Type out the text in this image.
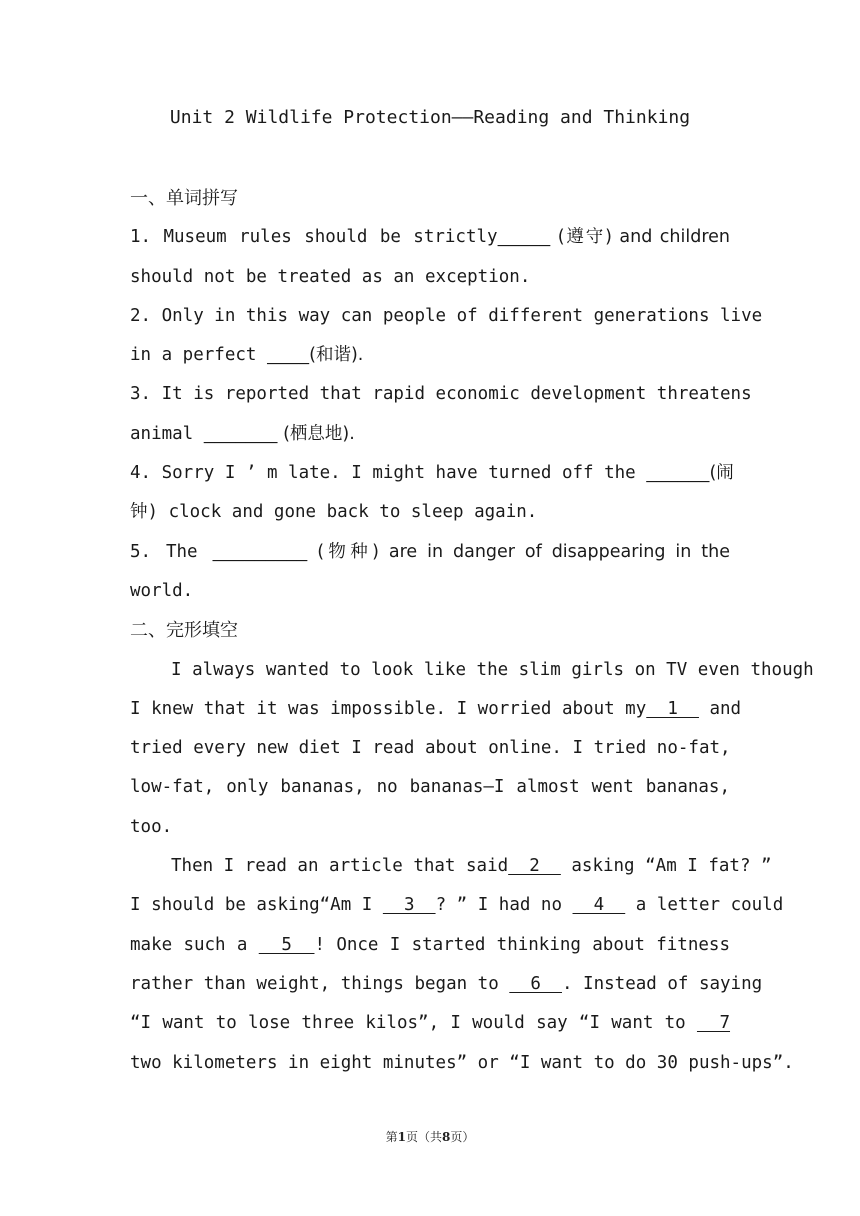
Unit 2 Wildlife Protection——Reading and Thinking
一、单词拼写
1. Museum rules should be strictly_____ (遵守) and children
should not be treated as an exception.
2. Only in this way can people of different generations live
in a perfect ____(和谐).
3. It is reported that rapid economic development threatens
animal _______ (栖息地).
4. Sorry I ’ m late. I might have turned off the ______(闹
钟) clock and gone back to sleep again.
5. The _________ (物种) are in danger of disappearing in the
world.
二、完形填空
I always wanted to look like the slim girls on TV even though
I knew that it was impossible. I worried about my  1   and
tried every new diet I read about online. I tried no-fat,
low-fat, only bananas, no bananas—I almost went bananas,
too.
Then I read an article that said  2   asking “Am I fat? ”
I should be asking“Am I   3  ? ” I had no   4   a letter could
make such a   5  ! Once I started thinking about fitness
rather than weight, things began to   6  . Instead of saying
“I want to lose three kilos”, I would say “I want to   7
two kilometers in eight minutes” or “I want to do 30 push-ups”.
第1页（共8页）
